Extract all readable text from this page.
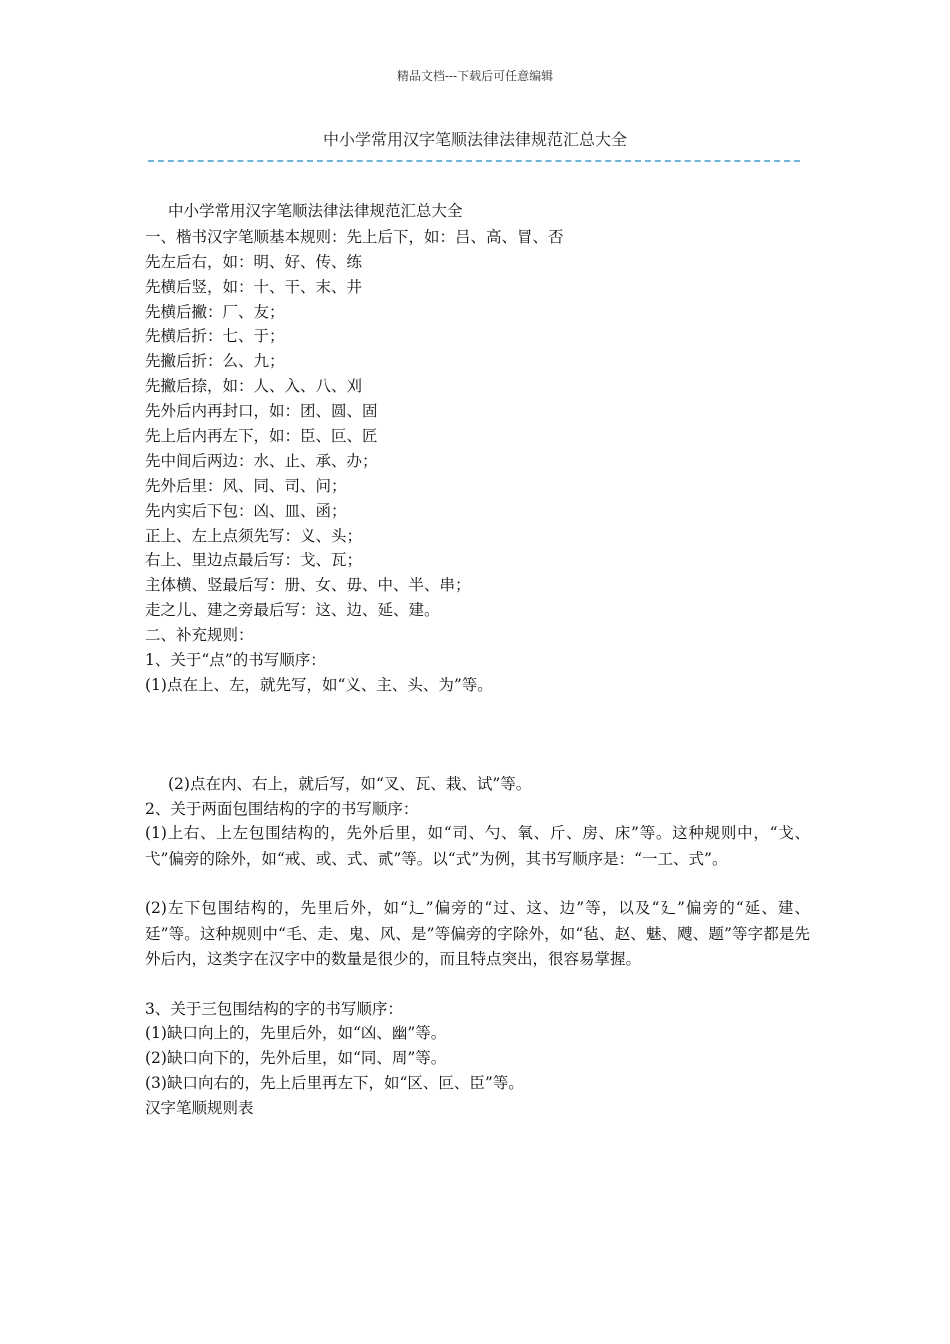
精品文档---下载后可任意编辑
中小学常用汉字笔顺法律法律规范汇总大全
中小学常用汉字笔顺法律法律规范汇总大全
一、楷书汉字笔顺基本规则：先上后下，如：吕、高、冒、否
先左后右，如：明、好、传、练
先横后竖，如：十、干、末、井
先横后撇：厂、友；
先横后折：七、于；
先撇后折：么、九；
先撇后捺，如：人、入、八、刈
先外后内再封口，如：团、圆、固
先上后内再左下，如：臣、叵、匠
先中间后两边：水、止、承、办；
先外后里：风、同、司、问；
先内实后下包：凶、皿、函；
正上、左上点须先写：义、头；
右上、里边点最后写：戈、瓦；
主体横、竖最后写：册、女、毋、中、半、串；
走之儿、建之旁最后写：这、边、延、建。
二、补充规则：
1、关于“点”的书写顺序：
(1)点在上、左，就先写，如“义、主、头、为”等。
(2)点在内、右上，就后写，如“叉、瓦、栽、试”等。
2、关于两面包围结构的字的书写顺序：
(1)上右、上左包围结构的，先外后里，如“司、勺、氧、斤、房、床”等。这种规则中，“戈、弋”偏旁的除外，如“戒、或、式、贰”等。以“式”为例，其书写顺序是：“一工、式”。
(2)左下包围结构的，先里后外，如“辶”偏旁的“过、这、边”等，以及“廴”偏旁的“延、建、廷”等。这种规则中“毛、走、鬼、风、是”等偏旁的字除外，如“毡、赵、魅、飕、题”等字都是先外后内，这类字在汉字中的数量是很少的，而且特点突出，很容易掌握。
3、关于三包围结构的字的书写顺序：
(1)缺口向上的，先里后外，如“凶、幽”等。
(2)缺口向下的，先外后里，如“同、周”等。
(3)缺口向右的，先上后里再左下，如“区、叵、臣”等。
汉字笔顺规则表
